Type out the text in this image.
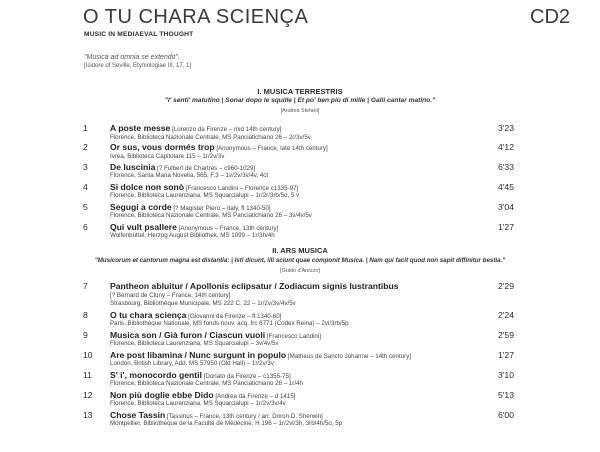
O TU CHARA SCIENÇA	CD2
MUSIC IN MEDIAEVAL THOUGHT
"Musica ad omnia se extendit".
[Isidore of Seville, Etymologiae III, 17, 1]
I. MUSICA TERRESTRIS
"I' senti' matutino | Sonar dopo le squille | Et po' ben più di mille | Galli cantar matino."
[Andrea Stefani]
1	A poste messe [Lorenzo da Firenze – mid 14th century]
Florence, Biblioteca Nazionale Centrale, MS Panciatichiano 26 – 2r/3v/5v
3'23
2	Or sus, vous dormés trop [Anonymous – France, late 14th century]
Ivrea, Biblioteca Capitolare 115 – 1r/2v/3v
4'12
3	De luscinia [? Fulbert de Chartres – c960-1029]
Florence, Santa Maria Novella, 565, F.3 – 1v/2v/3v/4v, 4ct
6'33
4	Si dolce non sonò [Francesco Landini – Florence c1335-97]
Florence, Biblioteca Laurenziana, MS Squarcialupi – 1r/2r/3rb/5o, 5 v
4'45
5	Segugi a corde [? Magister Piero – Italy, fl 1340-50]
Florence, Biblioteca Nazionale Centrale, MS Panciatichiano 26 – 3v/4v/5v
3'04
6	Qui vult psallere [Anonymous – France, 13th century]
Wolfenbüttel, Herzog August Bibliothek, MS 1099 – 1r/3h/4h
1'27
II. ARS MUSICA
"Musicorum et cantorum magna est distantia: | Isti dicunt, illi sciunt quae componit Musica. | Nam qui facit quod non sapit diffinitur bestia."
[Guido d'Arezzo]
7	Pantheon abluitur / Apollonis eclipsatur / Zodiacum signis lustrantibus
[? Bernard de Cluny – France, 14th century]
Strasbourg, Bibliothèque Municipale, MS 222 C. 22 – 1r/2v/3v/4v/5v
2'29
8	O tu chara sciença [Giovanni da Firenze – fl 1340-60]
Paris, Bibliothèque Nationale, MS fonds nouv. acq. frc 6771 (Codex Reina) – 2vi/3rb/5p
2'24
9	Musica son / Già furon / Ciascun vuoli [Francesco Landini]
Florence, Biblioteca Laurenziana, MS Squarcialupi – 3v/4v/5v
2'59
10	Are post libamina / Nunc surgunt in populo [Matheus de Sancto Johanne – 14th century]
London, British Library, Add. MS 57950 (Old Hall) – 1r/2v/3v
1'27
11	S' i', monocordo gentil [Donato da Firenze – c1355-75]
Florence, Biblioteca Nazionale Centrale, MS Panciatichiano 26 – 1r/4h
3'10
12	Non più doglie ebbe Dido [Andrea da Firenze – d 1415]
Florence, Biblioteca Laurenziana, MS Squarcialupi – 1r/2v/3v/4v
5'13
13	Chose Tassin [Tassinus – France, 13th century / arr. Doron D. Sherwin]
Montpellier, Bibliothèque de la Faculté de Médecine, H 196 – 1r/2vi/3h, 3rb/4h/5o, 5p
6'00
